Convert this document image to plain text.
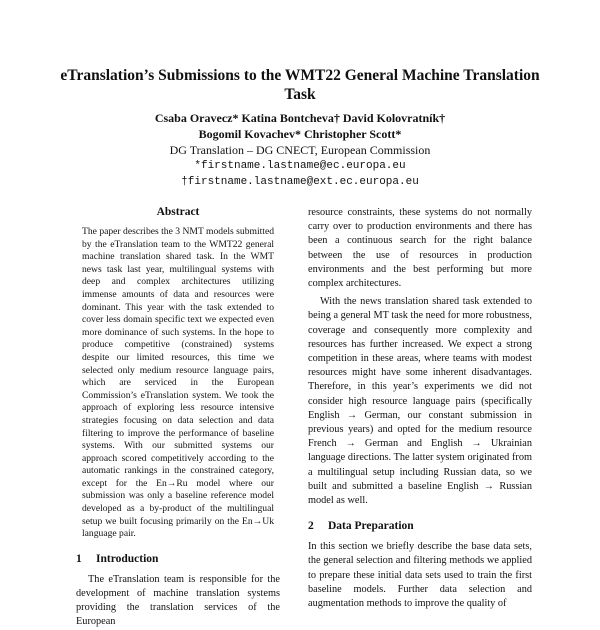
eTranslation’s Submissions to the WMT22 General Machine Translation Task
Csaba Oravecz* Katina Bontcheva† David Kolovratník†
Bogomil Kovachev* Christopher Scott*
DG Translation – DG CNECT, European Commission
*firstname.lastname@ec.europa.eu
†firstname.lastname@ext.ec.europa.eu
Abstract

The paper describes the 3 NMT models submitted by the eTranslation team to the WMT22 general machine translation shared task. In the WMT news task last year, multilingual systems with deep and complex architectures utilizing immense amounts of data and resources were dominant. This year with the task extended to cover less domain specific text we expected even more dominance of such systems. In the hope to produce competitive (constrained) systems despite our limited resources, this time we selected only medium resource language pairs, which are serviced in the European Commission’s eTranslation system. We took the approach of exploring less resource intensive strategies focusing on data selection and data filtering to improve the performance of baseline systems. With our submitted systems our approach scored competitively according to the automatic rankings in the constrained category, except for the En→Ru model where our submission was only a baseline reference model developed as a by-product of the multilingual setup we built focusing primarily on the En→Uk language pair.

1 Introduction

The eTranslation team is responsible for the development of machine translation systems providing the translation services of the European

resource constraints, these systems do not normally carry over to production environments and there has been a continuous search for the right balance between the use of resources in production environments and the best performing but more complex architectures.

With the news translation shared task extended to being a general MT task the need for more robustness, coverage and consequently more complexity and resources has further increased. We expect a strong competition in these areas, where teams with modest resources might have some inherent disadvantages. Therefore, in this year’s experiments we did not consider high resource language pairs (specifically English → German, our constant submission in previous years) and opted for the medium resource French → German and English → Ukrainian language directions. The latter system originated from a multilingual setup including Russian data, so we built and submitted a baseline English → Russian model as well.

2 Data Preparation

In this section we briefly describe the base data sets, the general selection and filtering methods we applied to prepare these initial data sets used to train the first baseline models. Further data selection and augmentation methods to improve the quality of
